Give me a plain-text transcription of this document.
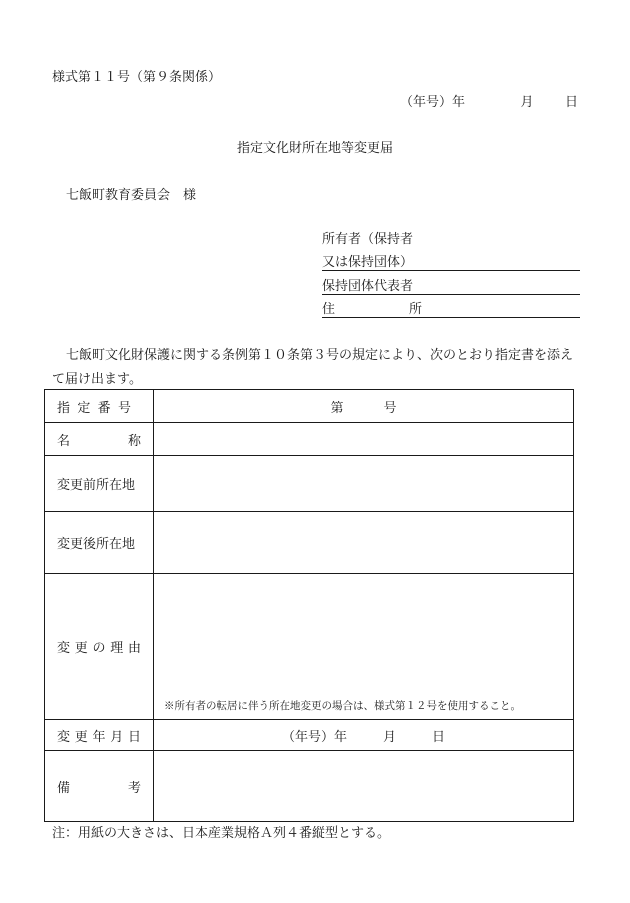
様式第１１号（第９条関係）
（年号）年	月 日
指定文化財所在地等変更届
七飯町教育委員会　様
所有者（保持者
又は保持団体）
保持団体代表者
住	所
七飯町文化財保護に関する条例第１０条第３号の規定により、次のとおり指定書を添えて届け出ます。
指 定 番 号	第 号

名 称	

変更前所在地	
変更後所在地	

変 更 の 理 由	※所有者の転居に伴う所在地変更の場合は、様式第１２号を使用すること。

変 更 年 月 日	（年号）年 月 日

備 考	

注：用紙の大きさは、日本産業規格Ａ列４番縦型とする。
